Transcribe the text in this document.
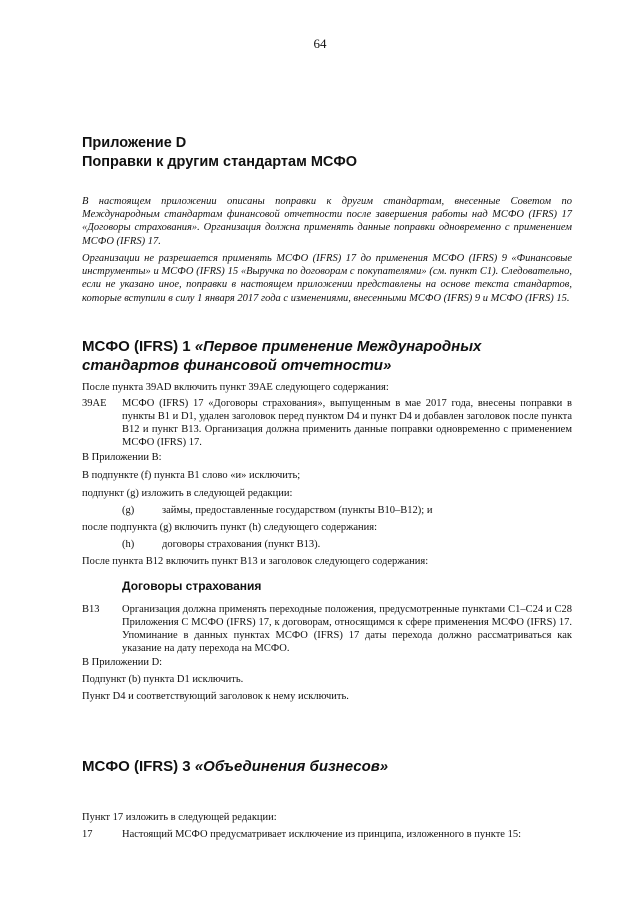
64
Приложение D
Поправки к другим стандартам МСФО
В настоящем приложении описаны поправки к другим стандартам, внесенные Советом по Международным стандартам финансовой отчетности после завершения работы над МСФО (IFRS) 17 «Договоры страхования». Организация должна применять данные поправки одновременно с применением МСФО (IFRS) 17.
Организации не разрешается применять МСФО (IFRS) 17 до применения МСФО (IFRS) 9 «Финансовые инструменты» и МСФО (IFRS) 15 «Выручка по договорам с покупателями» (см. пункт С1). Следовательно, если не указано иное, поправки в настоящем приложении представлены на основе текста стандартов, которые вступили в силу 1 января 2017 года с изменениями, внесенными МСФО (IFRS) 9 и МСФО (IFRS) 15.
МСФО (IFRS) 1 «Первое применение Международных стандартов финансовой отчетности»
После пункта 39AD включить пункт 39AE следующего содержания:
39AE МСФО (IFRS) 17 «Договоры страхования», выпущенным в мае 2017 года, внесены поправки в пункты В1 и D1, удален заголовок перед пунктом D4 и пункт D4 и добавлен заголовок после пункта В12 и пункт В13. Организация должна применить данные поправки одновременно с применением МСФО (IFRS) 17.
В Приложении В:
В подпункте (f) пункта В1 слово «и» исключить;
подпункт (g) изложить в следующей редакции:
(g)	займы, предоставленные государством (пункты В10–В12); и
после подпункта (g) включить пункт (h) следующего содержания:
(h)	договоры страхования (пункт В13).
После пункта В12 включить пункт В13 и заголовок следующего содержания:
Договоры страхования
В13 Организация должна применять переходные положения, предусмотренные пунктами С1–С24 и С28 Приложения С МСФО (IFRS) 17, к договорам, относящимся к сфере применения МСФО (IFRS) 17. Упоминание в данных пунктах МСФО (IFRS) 17 даты перехода должно рассматриваться как указание на дату перехода на МСФО.
В Приложении D:
Подпункт (b) пункта D1 исключить.
Пункт D4 и соответствующий заголовок к нему исключить.
МСФО (IFRS) 3 «Объединения бизнесов»
Пункт 17 изложить в следующей редакции:
17	Настоящий МСФО предусматривает исключение из принципа, изложенного в пункте 15:
